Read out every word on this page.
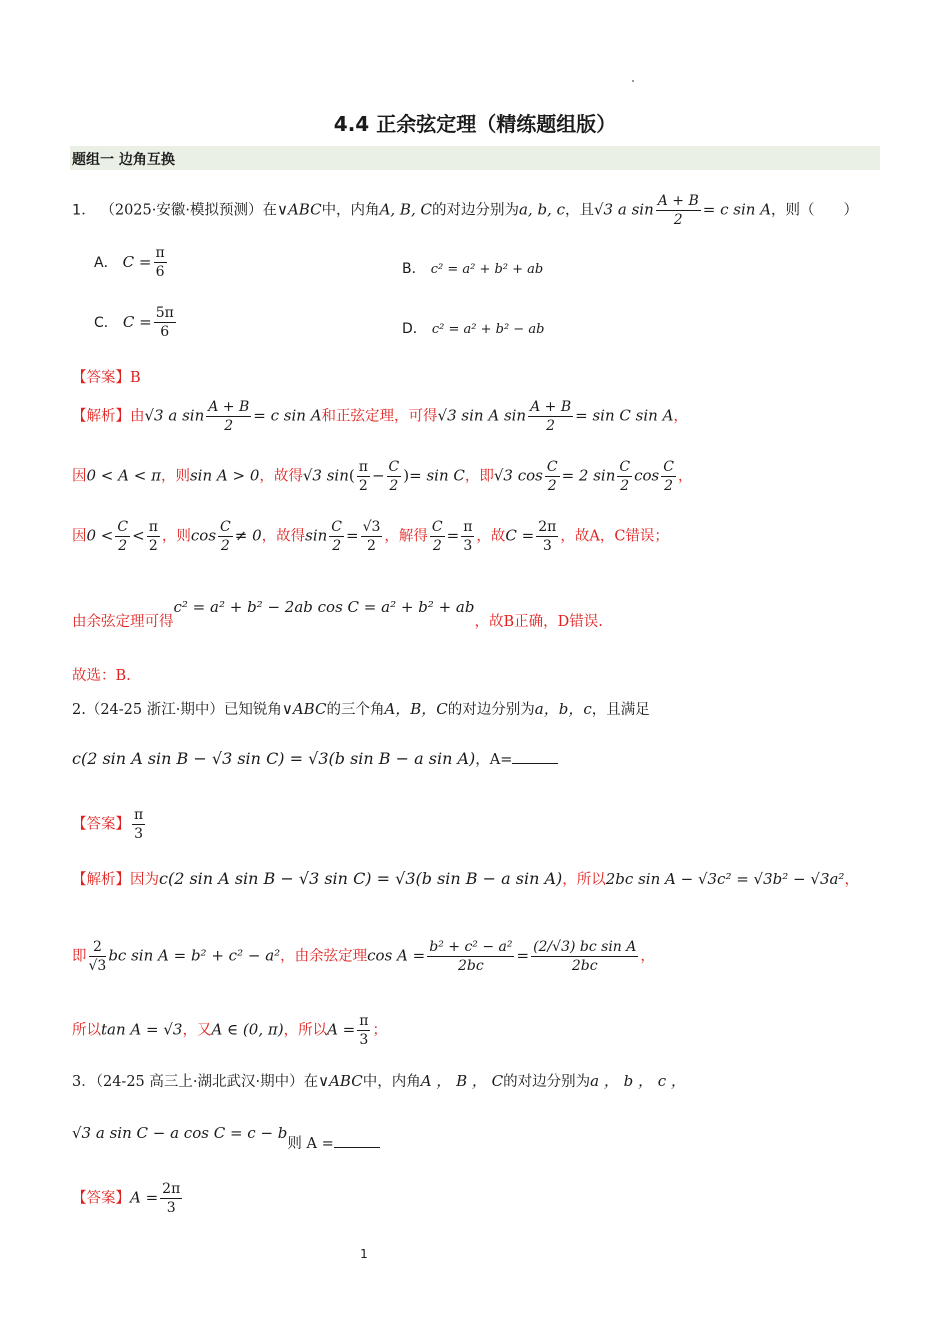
4.4 正余弦定理（精练题组版）
题组一 边角互换
1． （2025·安徽·模拟预测）在∨ABC中，内角A, B, C的对边分别为a, b, c，且√3 a $\sin \frac{A + B}{2} = c$ sin A，则（　　）
A． $C = \frac{\pi}{6}$	B． c² = a² + b² + ab
C． $C = \frac{5\pi}{6}$	D． c² = a² + b² − ab
【答案】B
【解析】由√3 a $\sin \frac{A + B}{2} = c$ sin A和正弦定理，可得√3 sin A $\sin \frac{A + B}{2} = \sin C$ sin A，
因0 < A < π，则sin A > 0，故得√3 $\sin( \frac{\pi}{2} - \frac{C}{2}$ )= sin C，即√3 $\cos \frac{C}{2} = 2$ $\sin \frac{C}{2}$ $\cos \frac{C}{2}$ ，
因$0 < \frac{C}{2} < \frac{\pi}{2}$ ，则$\cos \frac{C}{2} \ne 0$，故得$\sin \frac{C}{2} = \frac{√3}{2}$ ，解得 $\frac{C}{2} = \frac{\pi}{3}$ ，故$C = \frac{2\pi}{3}$ ，故A，C错误；
由余弦定理可得c² = a² + b² − 2ab cos C = a² + b² + ab，故B正确，D错误.
故选：B.
2.（24-25 浙江·期中）已知锐角∨ABC的三个角A，B，C的对边分别为a，b，c，且满足
c(2 sin A sin B − √3 sin C) = √3(b sin B − a sin A)，A=
【答案】 $\frac{\pi}{3}$
【解析】因为c(2 sin A sin B − √3 sin C) = √3(b sin B − a sin A)，所以2bc sin A − √3c² = √3b² − √3a²，
即 $\frac{2}{√3}$ bc sin A = b² + c² − a²，由余弦定理$\cos A = \frac{\text{b² + c² − a²}}{2bc} = \frac{\text{(2/√3) bc sin A}}{2bc}$ ，
所以tan A = √3，又A ∈ (0, π)，所以$A = \frac{\pi}{3}$ ；
3．（24-25 高三上·湖北武汉·期中）在∨ABC中，内角A ， B ， C的对边分别为a ， b ， c ，
√3 a sin C − a cos C = c − b则 A =
【答案】$A = \frac{2\pi}{3}$
1
